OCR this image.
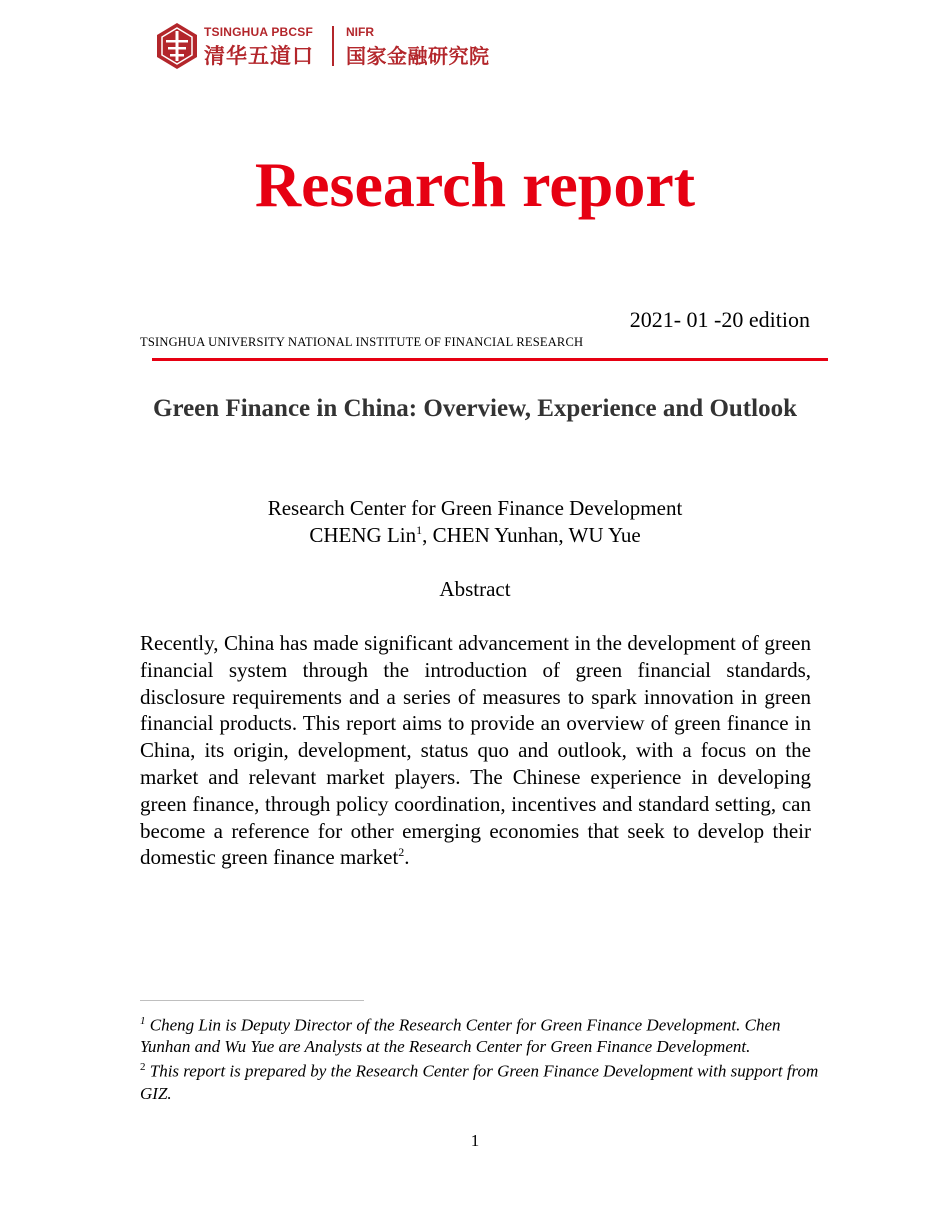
TSINGHUA PBCSF
清华五道口
NIFR
国家金融研究院
Research report
2021- 01 -20 edition
TSINGHUA UNIVERSITY NATIONAL INSTITUTE OF FINANCIAL RESEARCH
Green Finance in China: Overview, Experience and Outlook
Research Center for Green Finance Development
CHENG Lin$^1$, CHEN Yunhan, WU Yue
Abstract
Recently, China has made significant advancement in the development of green financial system through the introduction of green financial standards, disclosure requirements and a series of measures to spark innovation in green financial products. This report aims to provide an overview of green finance in China, its origin, development, status quo and outlook, with a focus on the market and relevant market players. The Chinese experience in developing green finance, through policy coordination, incentives and standard setting, can become a reference for other emerging economies that seek to develop their domestic green finance market$^2$.

$^1$ Cheng Lin is Deputy Director of the Research Center for Green Finance Development. Chen Yunhan and Wu Yue are Analysts at the Research Center for Green Finance Development.

$^2$ This report is prepared by the Research Center for Green Finance Development with support from GIZ.

1
